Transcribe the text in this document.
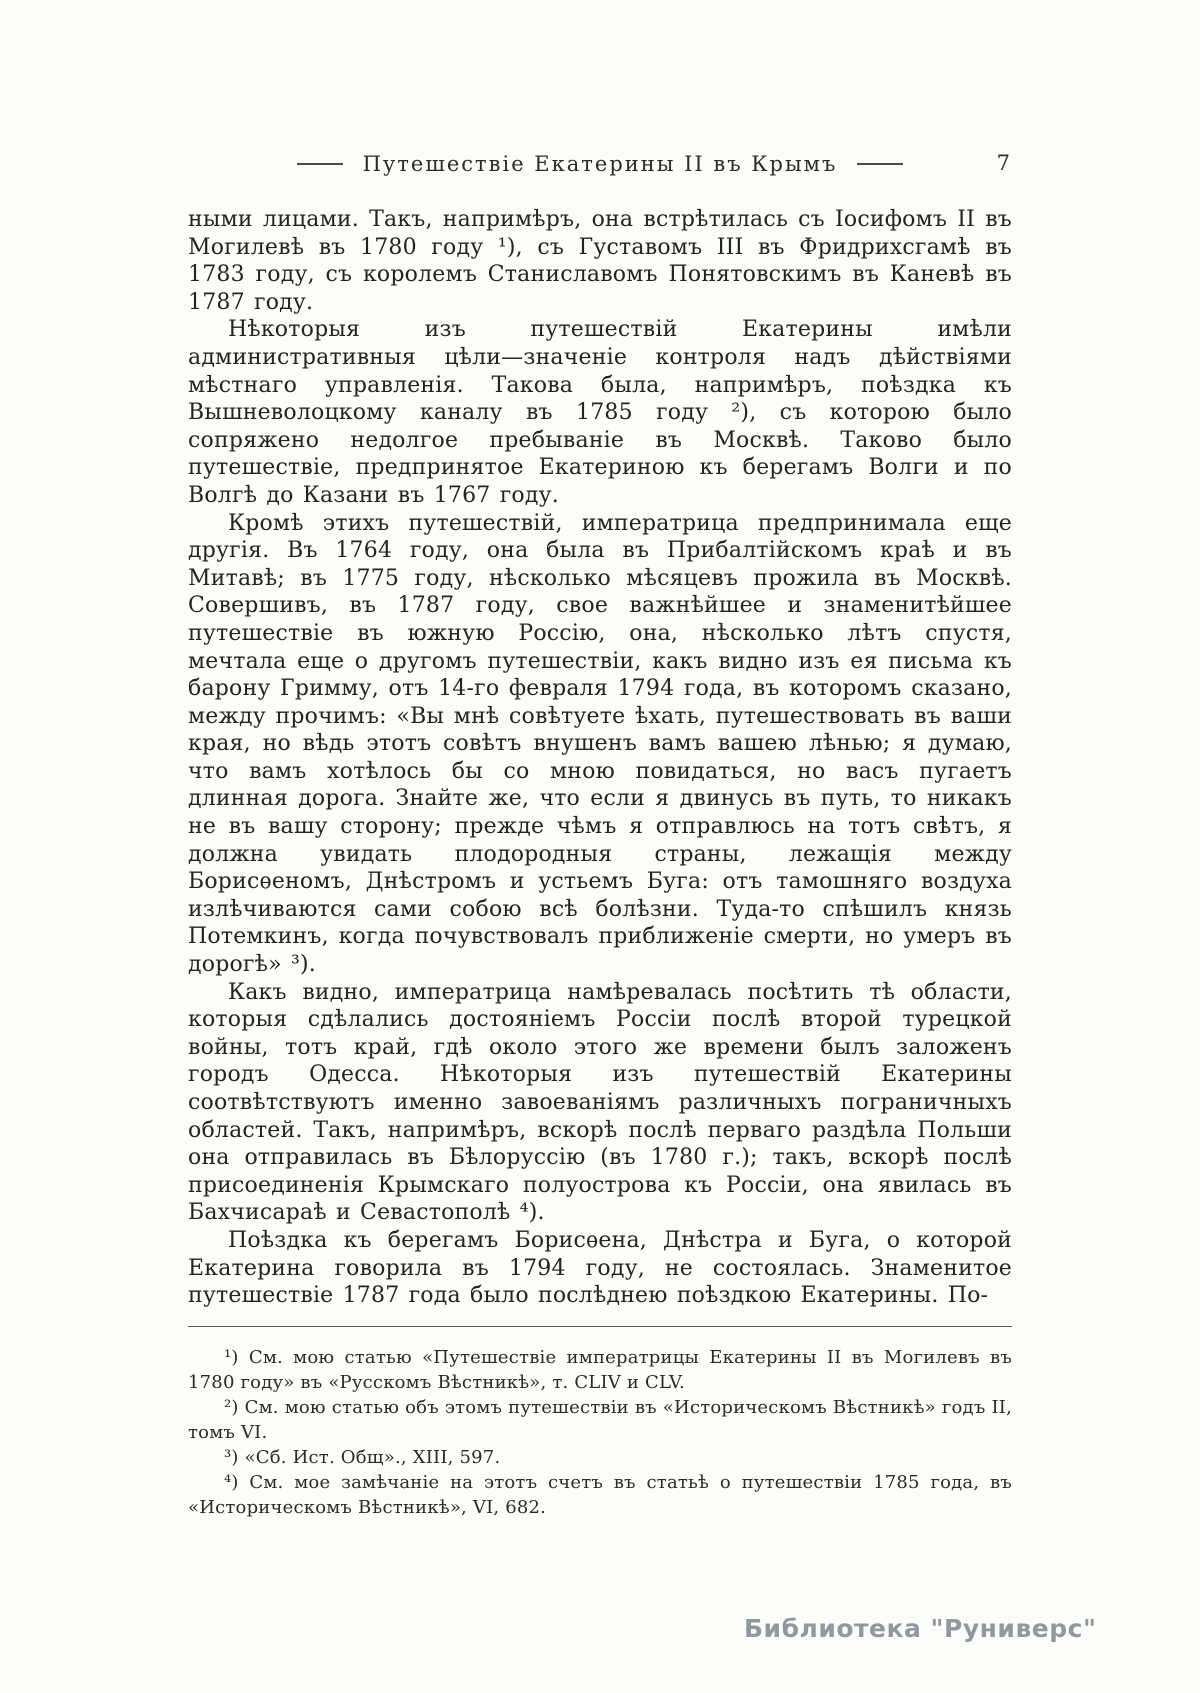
Путешествіе Екатерины II въ Крымъ	7

ными лицами. Такъ, напримѣръ, она встрѣтилась съ Іосифомъ II въ Могилевѣ въ 1780 году ¹), съ Густавомъ III въ Фридрихсгамѣ въ 1783 году, съ королемъ Станиславомъ Понятовскимъ въ Каневѣ въ 1787 году.

Нѣкоторыя изъ путешествій Екатерины имѣли административныя цѣли—значеніе контроля надъ дѣйствіями мѣстнаго управленія. Такова была, напримѣръ, поѣздка къ Вышневолоцкому каналу въ 1785 году ²), съ которою было сопряжено недолгое пребываніе въ Москвѣ. Таково было путешествіе, предпринятое Екатериною къ берегамъ Волги и по Волгѣ до Казани въ 1767 году.

Кромѣ этихъ путешествій, императрица предпринимала еще другія. Въ 1764 году, она была въ Прибалтійскомъ краѣ и въ Митавѣ; въ 1775 году, нѣсколько мѣсяцевъ прожила въ Москвѣ. Совершивъ, въ 1787 году, свое важнѣйшее и знаменитѣйшее путешествіе въ южную Россію, она, нѣсколько лѣтъ спустя, мечтала еще о другомъ путешествіи, какъ видно изъ ея письма къ барону Гримму, отъ 14-го февраля 1794 года, въ которомъ сказано, между прочимъ: «Вы мнѣ совѣтуете ѣхать, путешествовать въ ваши края, но вѣдь этотъ совѣтъ внушенъ вамъ вашею лѣнью; я думаю, что вамъ хотѣлось бы со мною повидаться, но васъ пугаетъ длинная дорога. Знайте же, что если я двинусь въ путь, то никакъ не въ вашу сторону; прежде чѣмъ я отправлюсь на тотъ свѣтъ, я должна увидать плодородныя страны, лежащія между Борисѳеномъ, Днѣстромъ и устьемъ Буга: отъ тамошняго воздуха излѣчиваются сами собою всѣ болѣзни. Туда-то спѣшилъ князь Потемкинъ, когда почувствовалъ приближеніе смерти, но умеръ въ дорогѣ» ³).

Какъ видно, императрица намѣревалась посѣтить тѣ области, которыя сдѣлались достояніемъ Россіи послѣ второй турецкой войны, тотъ край, гдѣ около этого же времени былъ заложенъ городъ Одесса. Нѣкоторыя изъ путешествій Екатерины соотвѣтствуютъ именно завоеваніямъ различныхъ пограничныхъ областей. Такъ, напримѣръ, вскорѣ послѣ перваго раздѣла Польши она отправилась въ Бѣлоруссію (въ 1780 г.); такъ, вскорѣ послѣ присоединенія Крымскаго полуострова къ Россіи, она явилась въ Бахчисараѣ и Севастополѣ ⁴).

Поѣздка къ берегамъ Борисѳена, Днѣстра и Буга, о которой Екатерина говорила въ 1794 году, не состоялась. Знаменитое путешествіе 1787 года было послѣднею поѣздкою Екатерины. По-

¹) См. мою статью «Путешествіе императрицы Екатерины II въ Могилевъ въ 1780 году» въ «Русскомъ Вѣстникѣ», т. CLIV и CLV.

²) См. мою статью объ этомъ путешествіи въ «Историческомъ Вѣстникѣ» годъ II, томъ VI.

³) «Сб. Ист. Общ»., XIII, 597.

⁴) См. мое замѣчаніе на этотъ счетъ въ статьѣ о путешествіи 1785 года, въ «Историческомъ Вѣстникѣ», VI, 682.

Библиотека "Руниверс"
